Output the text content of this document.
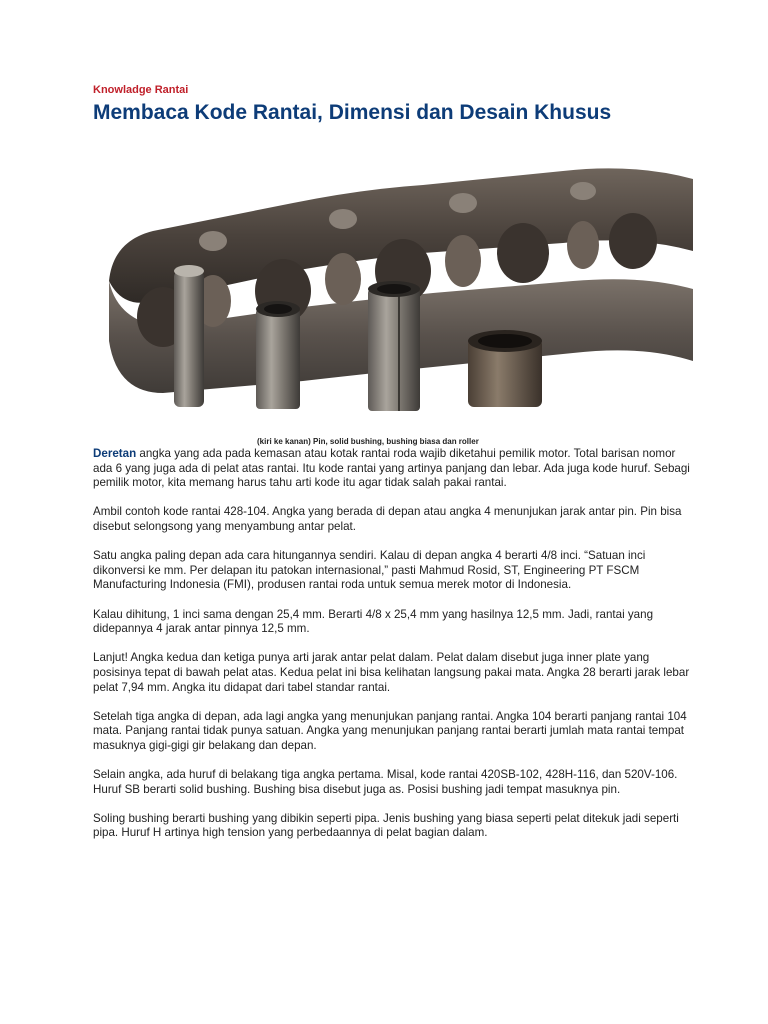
Knowladge Rantai
Membaca Kode Rantai, Dimensi dan Desain Khusus
(kiri ke kanan) Pin, solid bushing, bushing biasa dan roller

Deretan angka yang ada pada kemasan atau kotak rantai roda wajib diketahui pemilik motor. Total barisan nomor ada 6 yang juga ada di pelat atas rantai. Itu kode rantai yang artinya panjang dan lebar. Ada juga kode huruf. Sebagi pemilik motor, kita memang harus tahu arti kode itu agar tidak salah pakai rantai.

Ambil contoh kode rantai 428-104. Angka yang berada di depan atau angka 4 menunjukan jarak antar pin. Pin bisa disebut selongsong yang menyambung antar pelat.

Satu angka paling depan ada cara hitungannya sendiri. Kalau di depan angka 4 berarti 4/8 inci. “Satuan inci dikonversi ke mm. Per delapan itu patokan internasional,” pasti Mahmud Rosid, ST, Engineering PT FSCM Manufacturing Indonesia (FMI), produsen rantai roda untuk semua merek motor di Indonesia.

Kalau dihitung, 1 inci sama dengan 25,4 mm. Berarti 4/8 x 25,4 mm yang hasilnya 12,5 mm. Jadi, rantai yang didepannya 4 jarak antar pinnya 12,5 mm.

Lanjut! Angka kedua dan ketiga punya arti jarak antar pelat dalam. Pelat dalam disebut juga inner plate yang posisinya tepat di bawah pelat atas. Kedua pelat ini bisa kelihatan langsung pakai mata. Angka 28 berarti jarak lebar pelat 7,94 mm. Angka itu didapat dari tabel standar rantai.

Setelah tiga angka di depan, ada lagi angka yang menunjukan panjang rantai. Angka 104 berarti panjang rantai 104 mata. Panjang rantai tidak punya satuan. Angka yang menunjukan panjang rantai berarti jumlah mata rantai tempat masuknya gigi-gigi gir belakang dan depan.

Selain angka, ada huruf di belakang tiga angka pertama. Misal, kode rantai 420SB-102, 428H-116, dan 520V-106. Huruf SB berarti solid bushing. Bushing bisa disebut juga as. Posisi bushing jadi tempat masuknya pin.

Soling bushing berarti bushing yang dibikin seperti pipa. Jenis bushing yang biasa seperti pelat ditekuk jadi seperti pipa. Huruf H artinya high tension yang perbedaannya di pelat bagian dalam.
